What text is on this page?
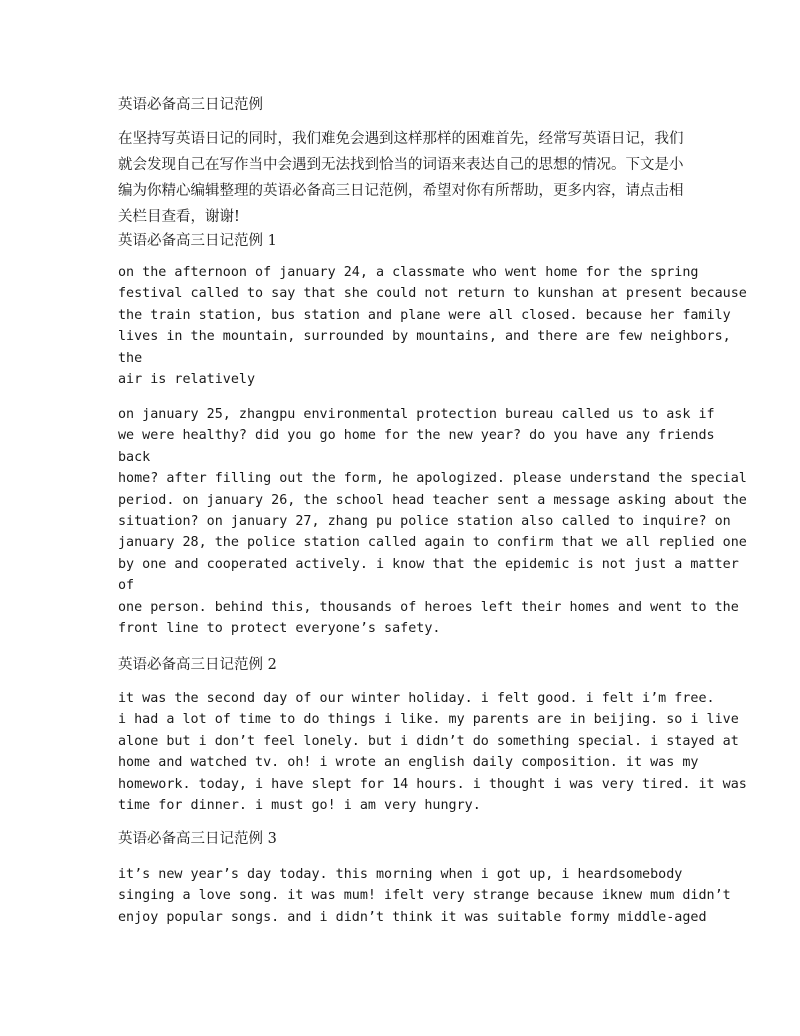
英语必备高三日记范例

在坚持写英语日记的同时，我们难免会遇到这样那样的困难首先，经常写英语日记，我们
就会发现自己在写作当中会遇到无法找到恰当的词语来表达自己的思想的情况。下文是小
编为你精心编辑整理的英语必备高三日记范例，希望对你有所帮助，更多内容，请点击相
关栏目查看，谢谢!

英语必备高三日记范例 1

on the afternoon of january 24, a classmate who went home for the spring
festival called to say that she could not return to kunshan at present because
the train station, bus station and plane were all closed. because her family
lives in the mountain, surrounded by mountains, and there are few neighbors,
the
air is relatively
on january 25, zhangpu environmental protection bureau called us to ask if
we were healthy? did you go home for the new year? do you have any friends
back
home? after filling out the form, he apologized. please understand the special
period. on january 26, the school head teacher sent a message asking about the
situation? on january 27, zhang pu police station also called to inquire? on
january 28, the police station called again to confirm that we all replied one
by one and cooperated actively. i know that the epidemic is not just a matter
of
one person. behind this, thousands of heroes left their homes and went to the
front line to protect everyone’s safety.

英语必备高三日记范例 2

it was the second day of our winter holiday. i felt good. i felt i’m free.
i had a lot of time to do things i like. my parents are in beijing. so i live
alone but i don’t feel lonely. but i didn’t do something special. i stayed at
home and watched tv. oh! i wrote an english daily composition. it was my
homework. today, i have slept for 14 hours. i thought i was very tired. it was
time for dinner. i must go! i am very hungry.

英语必备高三日记范例 3

it’s new year’s day today. this morning when i got up, i heardsomebody
singing a love song. it was mum! ifelt very strange because iknew mum didn’t
enjoy popular songs. and i didn’t think it was suitable formy middle-aged
